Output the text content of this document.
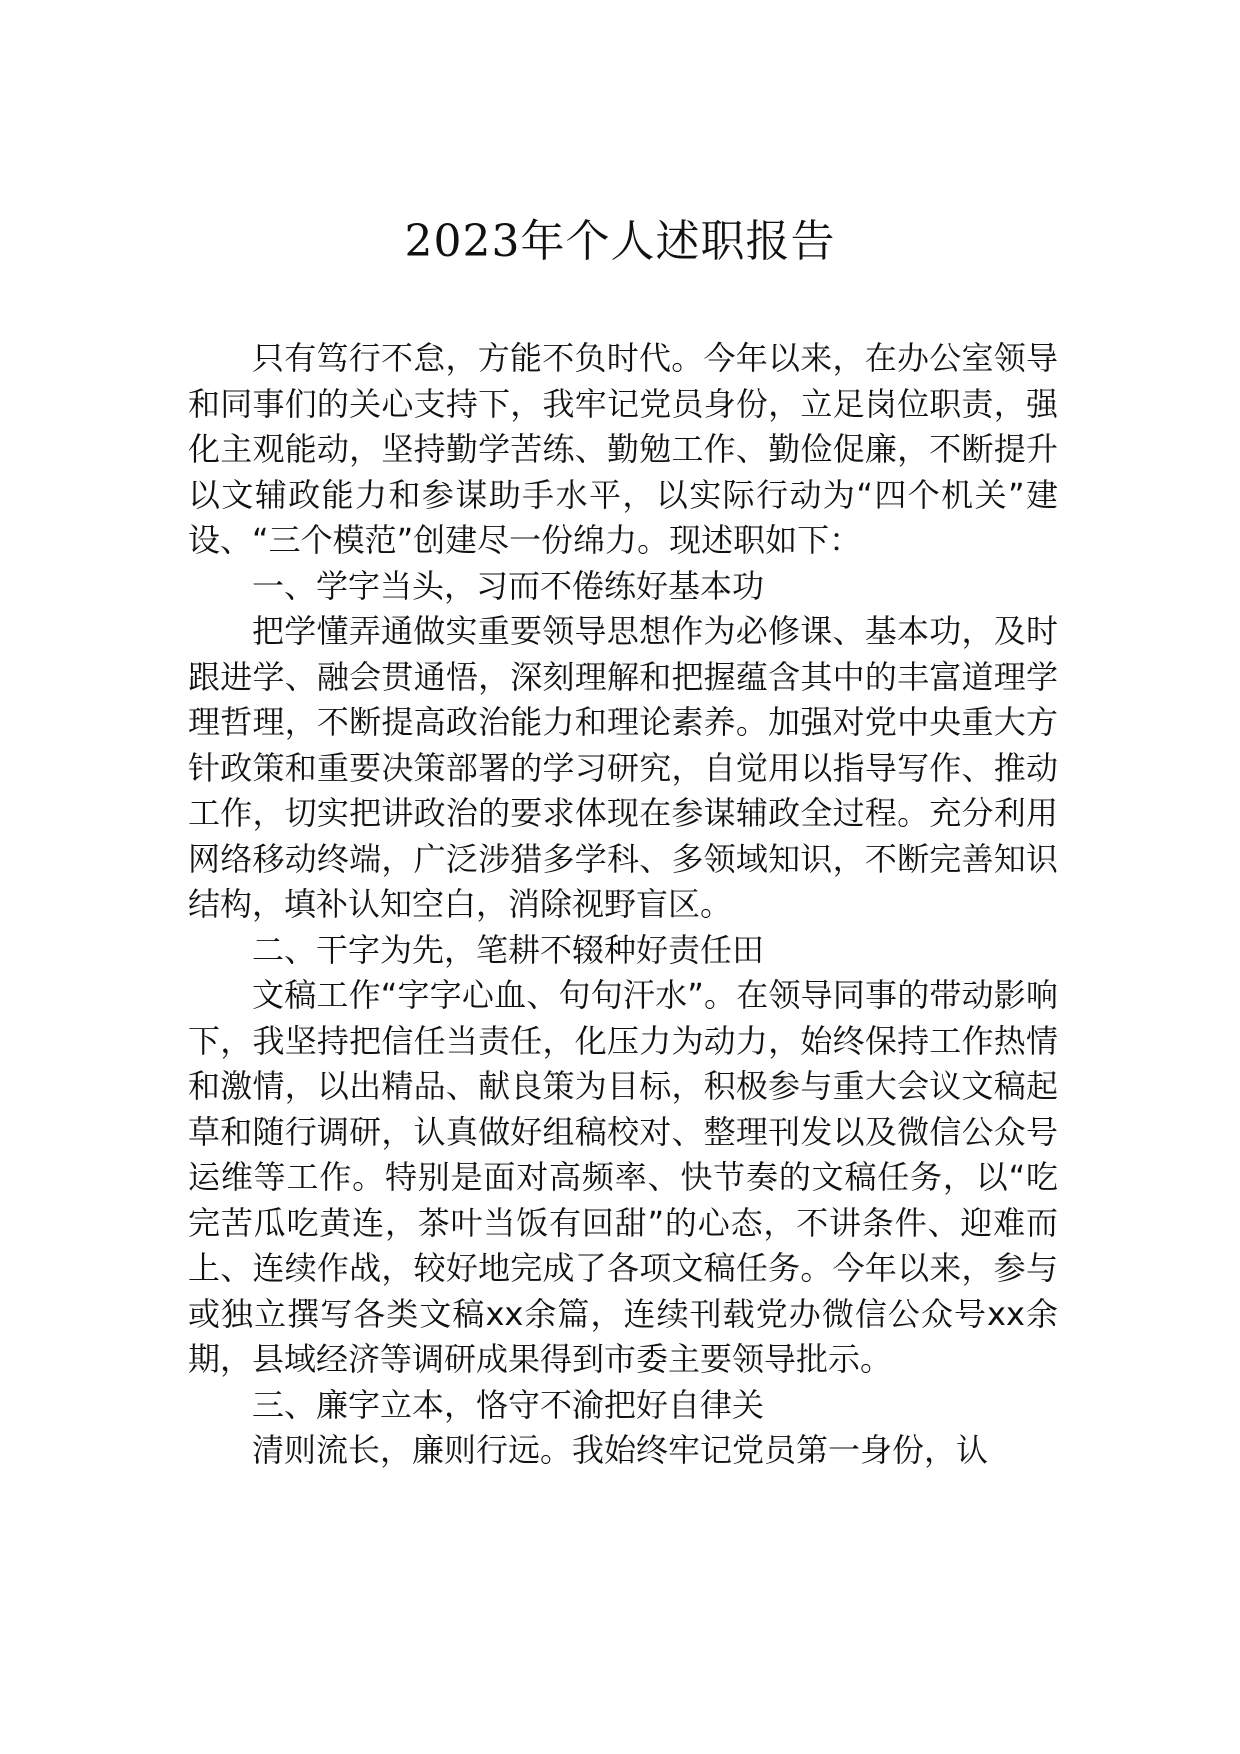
2023年个人述职报告

只有笃行不怠，方能不负时代。今年以来，在办公室领导和同事们的关心支持下，我牢记党员身份，立足岗位职责，强化主观能动，坚持勤学苦练、勤勉工作、勤俭促廉，不断提升以文辅政能力和参谋助手水平，以实际行动为“四个机关”建设、“三个模范”创建尽一份绵力。现述职如下：

一、学字当头，习而不倦练好基本功

把学懂弄通做实重要领导思想作为必修课、基本功，及时跟进学、融会贯通悟，深刻理解和把握蕴含其中的丰富道理学理哲理，不断提高政治能力和理论素养。加强对党中央重大方针政策和重要决策部署的学习研究，自觉用以指导写作、推动工作，切实把讲政治的要求体现在参谋辅政全过程。充分利用网络移动终端，广泛涉猎多学科、多领域知识，不断完善知识结构，填补认知空白，消除视野盲区。

二、干字为先，笔耕不辍种好责任田

文稿工作“字字心血、句句汗水”。在领导同事的带动影响下，我坚持把信任当责任，化压力为动力，始终保持工作热情和激情，以出精品、献良策为目标，积极参与重大会议文稿起草和随行调研，认真做好组稿校对、整理刊发以及微信公众号运维等工作。特别是面对高频率、快节奏的文稿任务，以“吃完苦瓜吃黄连，茶叶当饭有回甜”的心态，不讲条件、迎难而上、连续作战，较好地完成了各项文稿任务。今年以来，参与或独立撰写各类文稿xx余篇，连续刊载党办微信公众号xx余期，县域经济等调研成果得到市委主要领导批示。

三、廉字立本，恪守不渝把好自律关

清则流长，廉则行远。我始终牢记党员第一身份，认
